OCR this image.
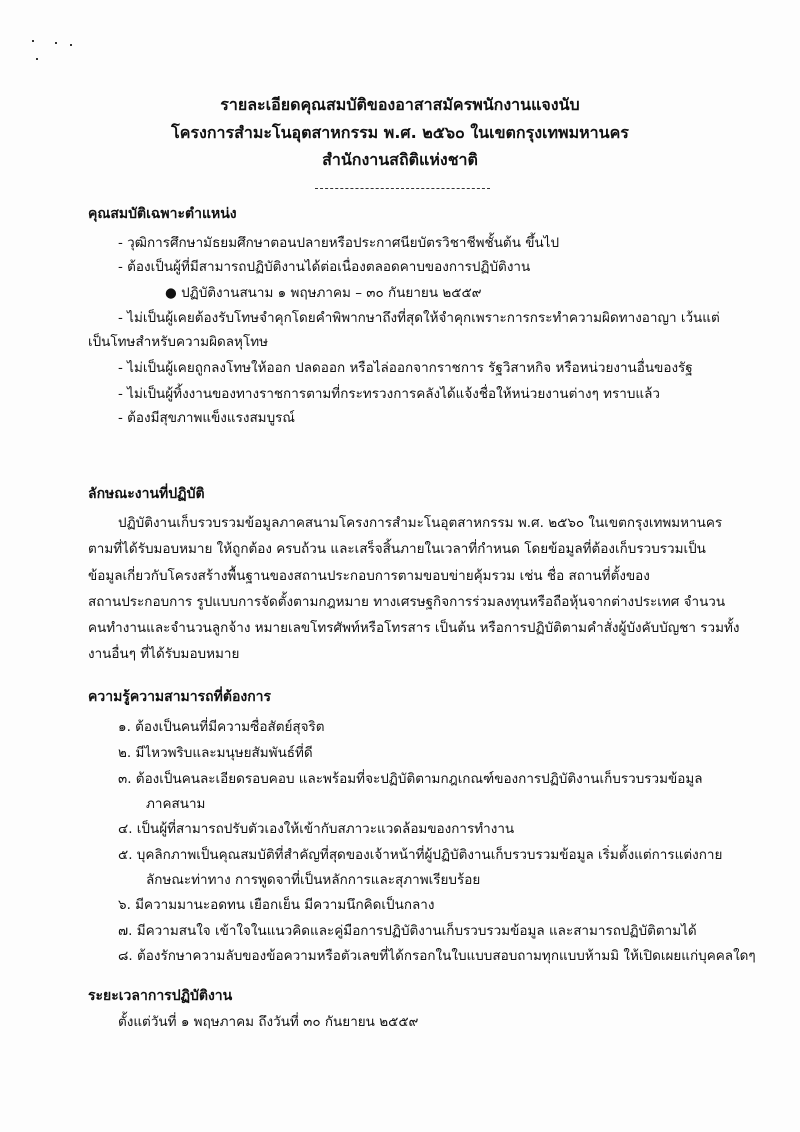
รายละเอียดคุณสมบัติของอาสาสมัครพนักงานแจงนับ
โครงการสำมะโนอุตสาหกรรม พ.ศ. ๒๕๖๐ ในเขตกรุงเทพมหานคร
สำนักงานสถิติแห่งชาติ
คุณสมบัติเฉพาะตำแหน่ง
- วุฒิการศึกษามัธยมศึกษาตอนปลายหรือประกาศนียบัตรวิชาชีพชั้นต้น ขึ้นไป
- ต้องเป็นผู้ที่มีสามารถปฏิบัติงานได้ต่อเนื่องตลอดคาบของการปฏิบัติงาน
● ปฏิบัติงานสนาม ๑ พฤษภาคม – ๓๐ กันยายน ๒๕๕๙
- ไม่เป็นผู้เคยต้องรับโทษจำคุกโดยคำพิพากษาถึงที่สุดให้จำคุกเพราะการกระทำความผิดทางอาญา เว้นแต่
เป็นโทษสำหรับความผิดลหุโทษ
- ไม่เป็นผู้เคยถูกลงโทษให้ออก ปลดออก หรือไล่ออกจากราชการ รัฐวิสาหกิจ หรือหน่วยงานอื่นของรัฐ
- ไม่เป็นผู้ทิ้งงานของทางราชการตามที่กระทรวงการคลังได้แจ้งชื่อให้หน่วยงานต่างๆ ทราบแล้ว
- ต้องมีสุขภาพแข็งแรงสมบูรณ์
ลักษณะงานที่ปฏิบัติ
ปฏิบัติงานเก็บรวบรวมข้อมูลภาคสนามโครงการสำมะโนอุตสาหกรรม พ.ศ. ๒๕๖๐ ในเขตกรุงเทพมหานคร
ตามที่ได้รับมอบหมาย ให้ถูกต้อง ครบถ้วน และเสร็จสิ้นภายในเวลาที่กำหนด โดยข้อมูลที่ต้องเก็บรวบรวมเป็น
ข้อมูลเกี่ยวกับโครงสร้างพื้นฐานของสถานประกอบการตามขอบข่ายคุ้มรวม เช่น ชื่อ สถานที่ตั้งของ
สถานประกอบการ รูปแบบการจัดตั้งตามกฎหมาย ทางเศรษฐกิจการร่วมลงทุนหรือถือหุ้นจากต่างประเทศ จำนวน
คนทำงานและจำนวนลูกจ้าง หมายเลขโทรศัพท์หรือโทรสาร เป็นต้น หรือการปฏิบัติตามคำสั่งผู้บังคับบัญชา รวมทั้ง
งานอื่นๆ ที่ได้รับมอบหมาย
ความรู้ความสามารถที่ต้องการ
๑. ต้องเป็นคนที่มีความซื่อสัตย์สุจริต
๒. มีไหวพริบและมนุษยสัมพันธ์ที่ดี
๓. ต้องเป็นคนละเอียดรอบคอบ และพร้อมที่จะปฏิบัติตามกฎเกณฑ์ของการปฏิบัติงานเก็บรวบรวมข้อมูล
ภาคสนาม
๔. เป็นผู้ที่สามารถปรับตัวเองให้เข้ากับสภาวะแวดล้อมของการทำงาน
๕. บุคลิกภาพเป็นคุณสมบัติที่สำคัญที่สุดของเจ้าหน้าที่ผู้ปฏิบัติงานเก็บรวบรวมข้อมูล เริ่มตั้งแต่การแต่งกาย
ลักษณะท่าทาง การพูดจาที่เป็นหลักการและสุภาพเรียบร้อย
๖. มีความมานะอดทน เยือกเย็น มีความนึกคิดเป็นกลาง
๗. มีความสนใจ เข้าใจในแนวคิดและคู่มือการปฏิบัติงานเก็บรวบรวมข้อมูล และสามารถปฏิบัติตามได้
๘. ต้องรักษาความลับของข้อความหรือตัวเลขที่ได้กรอกในใบแบบสอบถามทุกแบบห้ามมิ ให้เปิดเผยแก่บุคคลใดๆ
ระยะเวลาการปฏิบัติงาน
ตั้งแต่วันที่ ๑ พฤษภาคม ถึงวันที่ ๓๐ กันยายน ๒๕๕๙
